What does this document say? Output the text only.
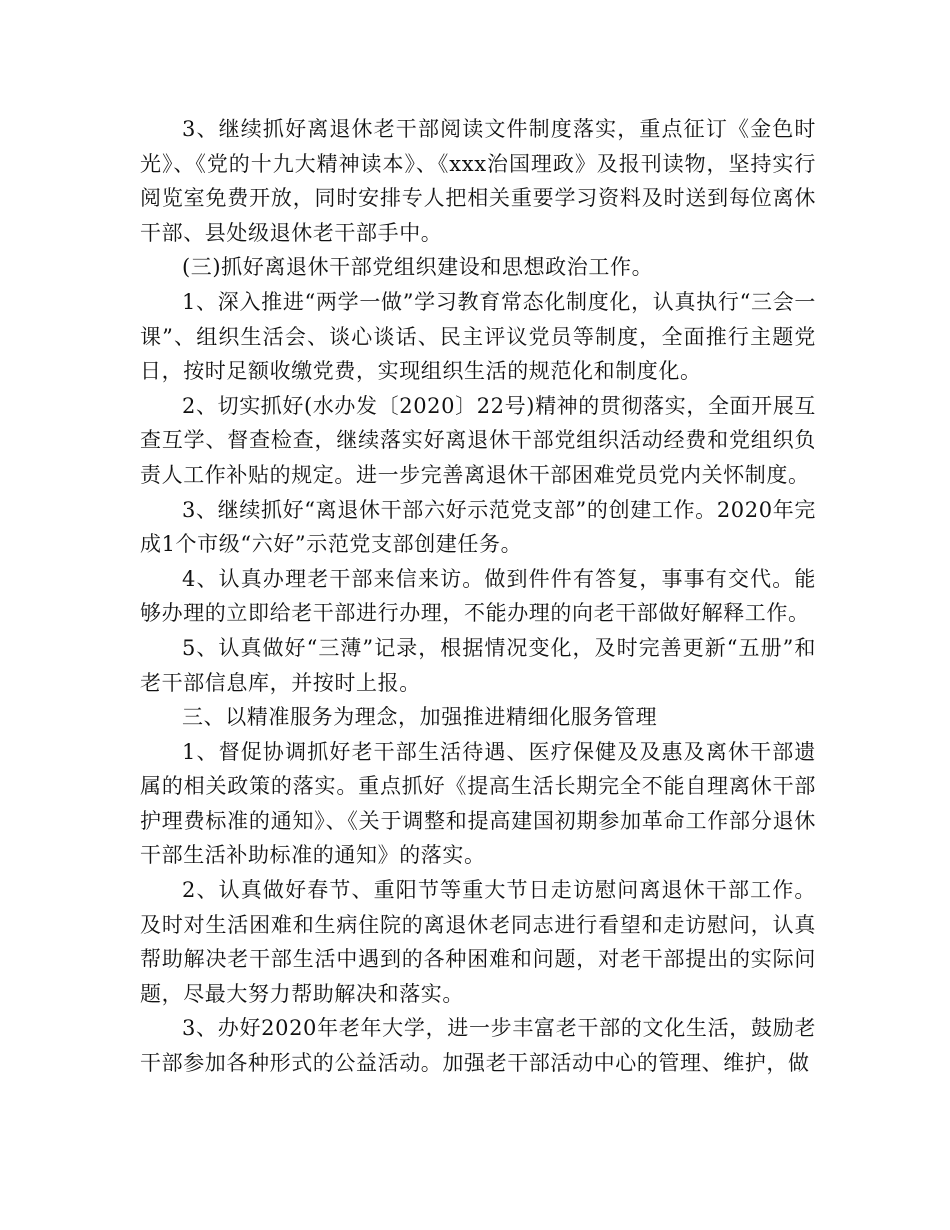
3、继续抓好离退休老干部阅读文件制度落实，重点征订《金色时光》、《党的十九大精神读本》、《xxx治国理政》及报刊读物，坚持实行阅览室免费开放，同时安排专人把相关重要学习资料及时送到每位离休干部、县处级退休老干部手中。

(三)抓好离退休干部党组织建设和思想政治工作。

1、深入推进“两学一做”学习教育常态化制度化，认真执行“三会一课”、组织生活会、谈心谈话、民主评议党员等制度，全面推行主题党日，按时足额收缴党费，实现组织生活的规范化和制度化。

2、切实抓好(水办发〔2020〕22号)精神的贯彻落实，全面开展互查互学、督查检查，继续落实好离退休干部党组织活动经费和党组织负责人工作补贴的规定。进一步完善离退休干部困难党员党内关怀制度。

3、继续抓好“离退休干部六好示范党支部”的创建工作。2020年完成1个市级“六好”示范党支部创建任务。

4、认真办理老干部来信来访。做到件件有答复，事事有交代。能够办理的立即给老干部进行办理，不能办理的向老干部做好解释工作。

5、认真做好“三薄”记录，根据情况变化，及时完善更新“五册”和老干部信息库，并按时上报。

三、以精准服务为理念，加强推进精细化服务管理

1、督促协调抓好老干部生活待遇、医疗保健及及惠及离休干部遗属的相关政策的落实。重点抓好《提高生活长期完全不能自理离休干部护理费标准的通知》、《关于调整和提高建国初期参加革命工作部分退休干部生活补助标准的通知》的落实。

2、认真做好春节、重阳节等重大节日走访慰问离退休干部工作。及时对生活困难和生病住院的离退休老同志进行看望和走访慰问，认真帮助解决老干部生活中遇到的各种困难和问题，对老干部提出的实际问题，尽最大努力帮助解决和落实。

3、办好2020年老年大学，进一步丰富老干部的文化生活，鼓励老干部参加各种形式的公益活动。加强老干部活动中心的管理、维护，做
